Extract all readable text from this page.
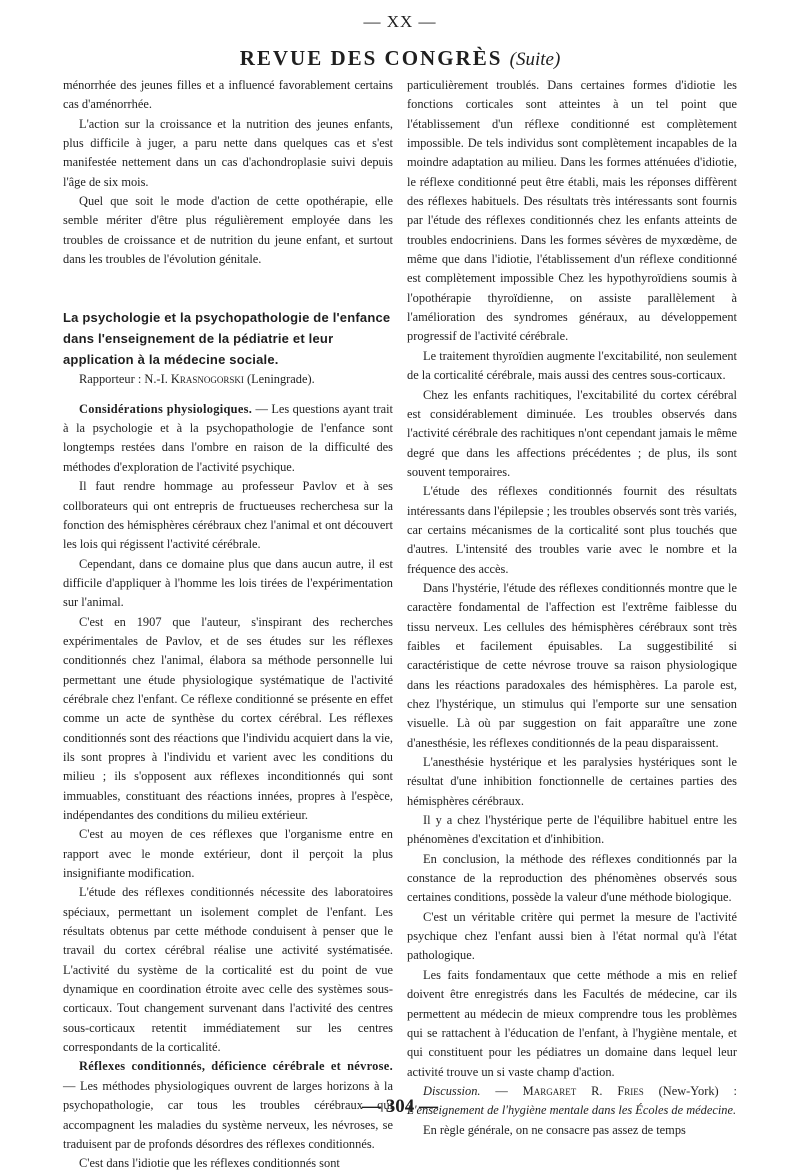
— XX —
REVUE DES CONGRÈS (Suite)

ménorrhée des jeunes filles et a influencé favorablement certains cas d'aménorrhée.

L'action sur la croissance et la nutrition des jeunes enfants, plus difficile à juger, a paru nette dans quelques cas et s'est manifestée nettement dans un cas d'achondroplasie suivi depuis l'âge de six mois.

Quel que soit le mode d'action de cette opothérapie, elle semble mériter d'être plus régulièrement employée dans les troubles de croissance et de nutrition du jeune enfant, et surtout dans les troubles de l'évolution génitale.

La psychologie et la psychopathologie de l'enfance dans l'enseignement de la pédiatrie et leur application à la médecine sociale.

Rapporteur : N.-I. Krasnogorski (Leningrade).

Considérations physiologiques. — Les questions ayant trait à la psychologie et à la psychopathologie de l'enfance sont longtemps restées dans l'ombre en raison de la difficulté des méthodes d'exploration de l'activité psychique.

Il faut rendre hommage au professeur Pavlov et à ses collborateurs qui ont entrepris de fructueuses recherchesa sur la fonction des hémisphères cérébraux chez l'animal et ont découvert les lois qui régissent l'activité cérébrale.

Cependant, dans ce domaine plus que dans aucun autre, il est difficile d'appliquer à l'homme les lois tirées de l'expérimentation sur l'animal.

C'est en 1907 que l'auteur, s'inspirant des recherches expérimentales de Pavlov, et de ses études sur les réflexes conditionnés chez l'animal, élabora sa méthode personnelle lui permettant une étude physiologique systématique de l'activité cérébrale chez l'enfant. Ce réflexe conditionné se présente en effet comme un acte de synthèse du cortex cérébral. Les réflexes conditionnés sont des réactions que l'individu acquiert dans la vie, ils sont propres à l'individu et varient avec les conditions du milieu ; ils s'opposent aux réflexes inconditionnés qui sont immuables, constituant des réactions innées, propres à l'espèce, indépendantes des conditions du milieu extérieur.

C'est au moyen de ces réflexes que l'organisme entre en rapport avec le monde extérieur, dont il perçoit la plus insignifiante modification.

L'étude des réflexes conditionnés nécessite des laboratoires spéciaux, permettant un isolement complet de l'enfant. Les résultats obtenus par cette méthode conduisent à penser que le travail du cortex cérébral réalise une activité systématisée. L'activité du système de la corticalité est du point de vue dynamique en coordination étroite avec celle des systèmes sous-corticaux. Tout changement survenant dans l'activité des centres sous-corticaux retentit immédiatement sur les centres correspondants de la corticalité.

Réflexes conditionnés, déficience cérébrale et névrose. — Les méthodes physiologiques ouvrent de larges horizons à la psychopathologie, car tous les troubles cérébraux qui accompagnent les maladies du système nerveux, les névroses, se traduisent par de profonds désordres des réflexes conditionnés.

C'est dans l'idiotie que les réflexes conditionnés sont

particulièrement troublés. Dans certaines formes d'idiotie les fonctions corticales sont atteintes à un tel point que l'établissement d'un réflexe conditionné est complètement impossible. De tels individus sont complètement incapables de la moindre adaptation au milieu. Dans les formes atténuées d'idiotie, le réflexe conditionné peut être établi, mais les réponses diffèrent des réflexes habituels. Des résultats très intéressants sont fournis par l'étude des réflexes conditionnés chez les enfants atteints de troubles endocriniens. Dans les formes sévères de myxœdème, de même que dans l'idiotie, l'établissement d'un réflexe conditionné est complètement impossible Chez les hypothyroïdiens soumis à l'opothérapie thyroïdienne, on assiste parallèlement à l'amélioration des syndromes généraux, au développement progressif de l'activité cérébrale.

Le traitement thyroïdien augmente l'excitabilité, non seulement de la corticalité cérébrale, mais aussi des centres sous-corticaux.

Chez les enfants rachitiques, l'excitabilité du cortex cérébral est considérablement diminuée. Les troubles observés dans l'activité cérébrale des rachitiques n'ont cependant jamais le même degré que dans les affections précédentes ; de plus, ils sont souvent temporaires.

L'étude des réflexes conditionnés fournit des résultats intéressants dans l'épilepsie ; les troubles observés sont très variés, car certains mécanismes de la corticalité sont plus touchés que d'autres. L'intensité des troubles varie avec le nombre et la fréquence des accès.

Dans l'hystérie, l'étude des réflexes conditionnés montre que le caractère fondamental de l'affection est l'extrême faiblesse du tissu nerveux. Les cellules des hémisphères cérébraux sont très faibles et facilement épuisables. La suggestibilité si caractéristique de cette névrose trouve sa raison physiologique dans les réactions paradoxales des hémisphères. La parole est, chez l'hystérique, un stimulus qui l'emporte sur une sensation visuelle. Là où par suggestion on fait apparaître une zone d'anesthésie, les réflexes conditionnés de la peau disparaissent.

L'anesthésie hystérique et les paralysies hystériques sont le résultat d'une inhibition fonctionnelle de certaines parties des hémisphères cérébraux.

Il y a chez l'hystérique perte de l'équilibre habituel entre les phénomènes d'excitation et d'inhibition.

En conclusion, la méthode des réflexes conditionnés par la constance de la reproduction des phénomènes observés sous certaines conditions, possède la valeur d'une méthode biologique.

C'est un véritable critère qui permet la mesure de l'activité psychique chez l'enfant aussi bien à l'état normal qu'à l'état pathologique.

Les faits fondamentaux que cette méthode a mis en relief doivent être enregistrés dans les Facultés de médecine, car ils permettent au médecin de mieux comprendre tous les problèmes qui se rattachent à l'éducation de l'enfant, à l'hygiène mentale, et qui constituent pour les pédiatres un domaine dans lequel leur activité trouve un si vaste champ d'action.

Discussion. — Margaret R. Fries (New-York) : L'enseignement de l'hygiène mentale dans les Écoles de médecine.

En règle générale, on ne consacre pas assez de temps

— 304 —
